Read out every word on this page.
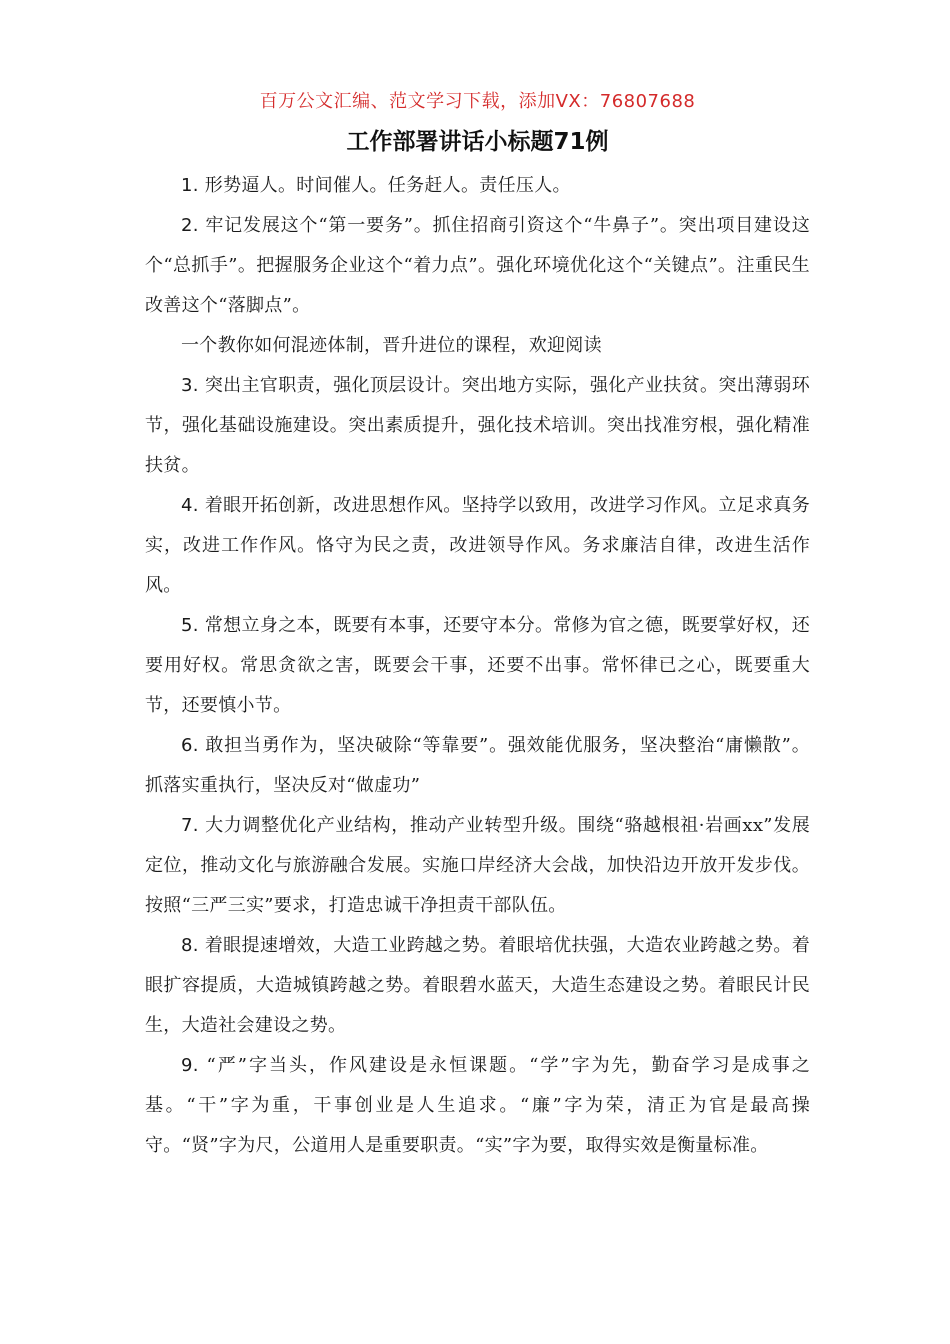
百万公文汇编、范文学习下载，添加VX：76807688
工作部署讲话小标题71例

1. 形势逼人。时间催人。任务赶人。责任压人。

2. 牢记发展这个“第一要务”。抓住招商引资这个“牛鼻子”。突出项目建设这个“总抓手”。把握服务企业这个“着力点”。强化环境优化这个“关键点”。注重民生改善这个“落脚点”。

一个教你如何混迹体制，晋升进位的课程，欢迎阅读

3. 突出主官职责，强化顶层设计。突出地方实际，强化产业扶贫。突出薄弱环节，强化基础设施建设。突出素质提升，强化技术培训。突出找准穷根，强化精准扶贫。

4. 着眼开拓创新，改进思想作风。坚持学以致用，改进学习作风。立足求真务实，改进工作作风。恪守为民之责，改进领导作风。务求廉洁自律，改进生活作风。

5. 常想立身之本，既要有本事，还要守本分。常修为官之德，既要掌好权，还要用好权。常思贪欲之害，既要会干事，还要不出事。常怀律已之心，既要重大节，还要慎小节。

6. 敢担当勇作为，坚决破除“等靠要”。强效能优服务，坚决整治“庸懒散”。抓落实重执行，坚决反对“做虚功”

7. 大力调整优化产业结构，推动产业转型升级。围绕“骆越根祖·岩画xx”发展定位，推动文化与旅游融合发展。实施口岸经济大会战，加快沿边开放开发步伐。按照“三严三实”要求，打造忠诚干净担责干部队伍。

8. 着眼提速增效，大造工业跨越之势。着眼培优扶强，大造农业跨越之势。着眼扩容提质，大造城镇跨越之势。着眼碧水蓝天，大造生态建设之势。着眼民计民生，大造社会建设之势。

9. “严”字当头，作风建设是永恒课题。“学”字为先，勤奋学习是成事之基。“干”字为重，干事创业是人生追求。“廉”字为荣，清正为官是最高操守。“贤”字为尺，公道用人是重要职责。“实”字为要，取得实效是衡量标准。
